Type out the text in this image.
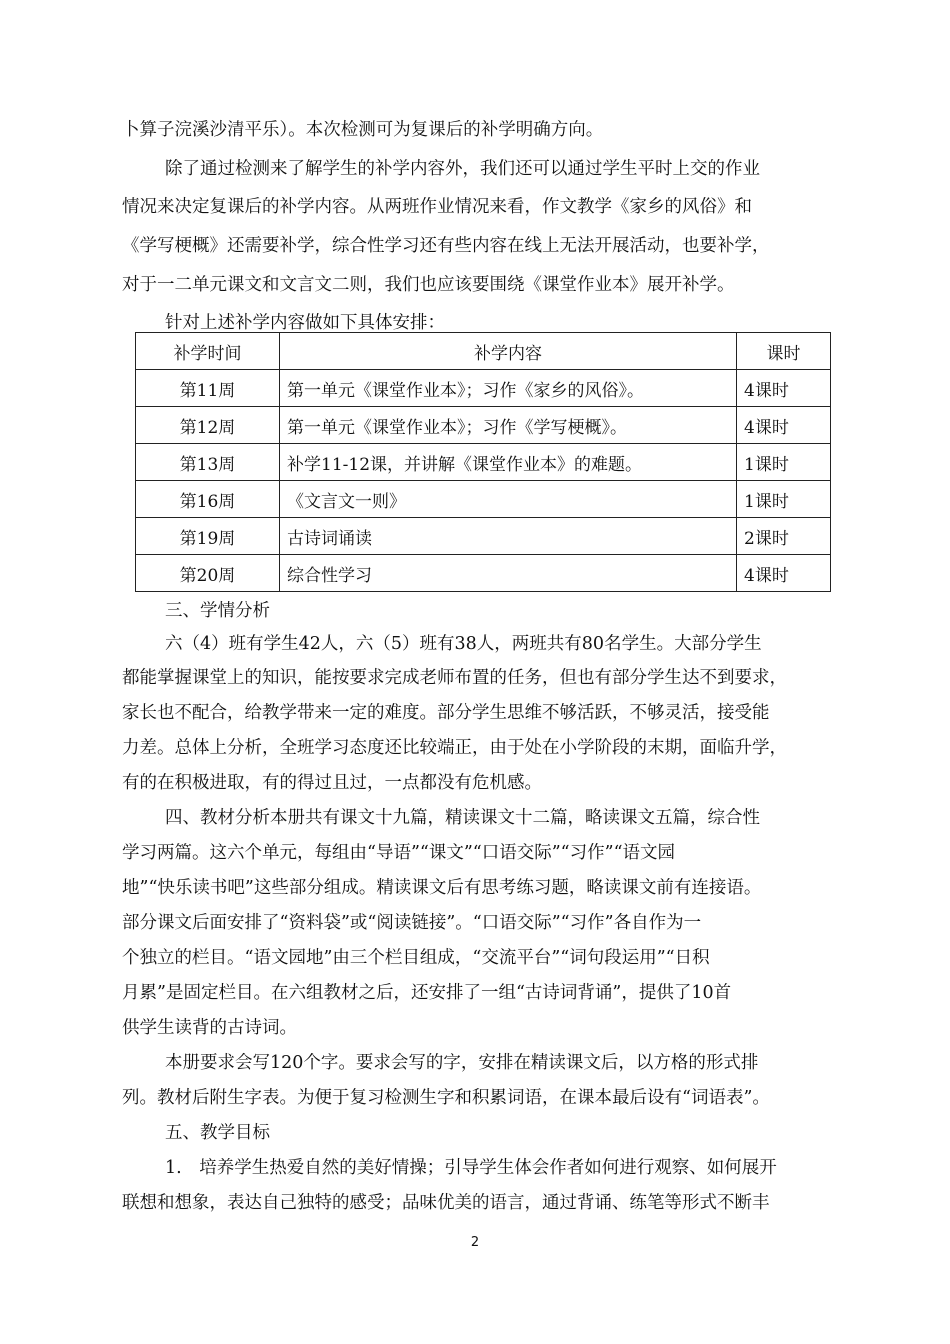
卜算子浣溪沙清平乐）。本次检测可为复课后的补学明确方向。
除了通过检测来了解学生的补学内容外，我们还可以通过学生平时上交的作业
情况来决定复课后的补学内容。从两班作业情况来看，作文教学《家乡的风俗》和
《学写梗概》还需要补学，综合性学习还有些内容在线上无法开展活动，也要补学，
对于一二单元课文和文言文二则，我们也应该要围绕《课堂作业本》展开补学。
针对上述补学内容做如下具体安排：
补学时间	补学内容	课时
第11周	第一单元《课堂作业本》；习作《家乡的风俗》。	4课时
第12周	第一单元《课堂作业本》；习作《学写梗概》。	4课时
第13周	补学11-12课，并讲解《课堂作业本》的难题。	1课时
第16周	《文言文一则》	1课时
第19周	古诗词诵读	2课时
第20周	综合性学习	4课时
三、学情分析
六（4）班有学生42人，六（5）班有38人，两班共有80名学生。大部分学生
都能掌握课堂上的知识，能按要求完成老师布置的任务，但也有部分学生达不到要求，
家长也不配合，给教学带来一定的难度。部分学生思维不够活跃，不够灵活，接受能
力差。总体上分析，全班学习态度还比较端正，由于处在小学阶段的末期，面临升学，
有的在积极进取，有的得过且过，一点都没有危机感。
四、教材分析本册共有课文十九篇，精读课文十二篇，略读课文五篇，综合性
学习两篇。这六个单元，每组由“导语”“课文”“口语交际”“习作”“语文园
地”“快乐读书吧”这些部分组成。精读课文后有思考练习题，略读课文前有连接语。
部分课文后面安排了“资料袋”或“阅读链接”。“口语交际”“习作”各自作为一
个独立的栏目。“语文园地”由三个栏目组成，“交流平台”“词句段运用”“日积
月累”是固定栏目。在六组教材之后，还安排了一组“古诗词背诵”，提供了10首
供学生读背的古诗词。
本册要求会写120个字。要求会写的字，安排在精读课文后，以方格的形式排
列。教材后附生字表。为便于复习检测生字和积累词语，在课本最后设有“词语表”。
五、教学目标
1.　培养学生热爱自然的美好情操；引导学生体会作者如何进行观察、如何展开
联想和想象，表达自己独特的感受；品味优美的语言，通过背诵、练笔等形式不断丰
2
